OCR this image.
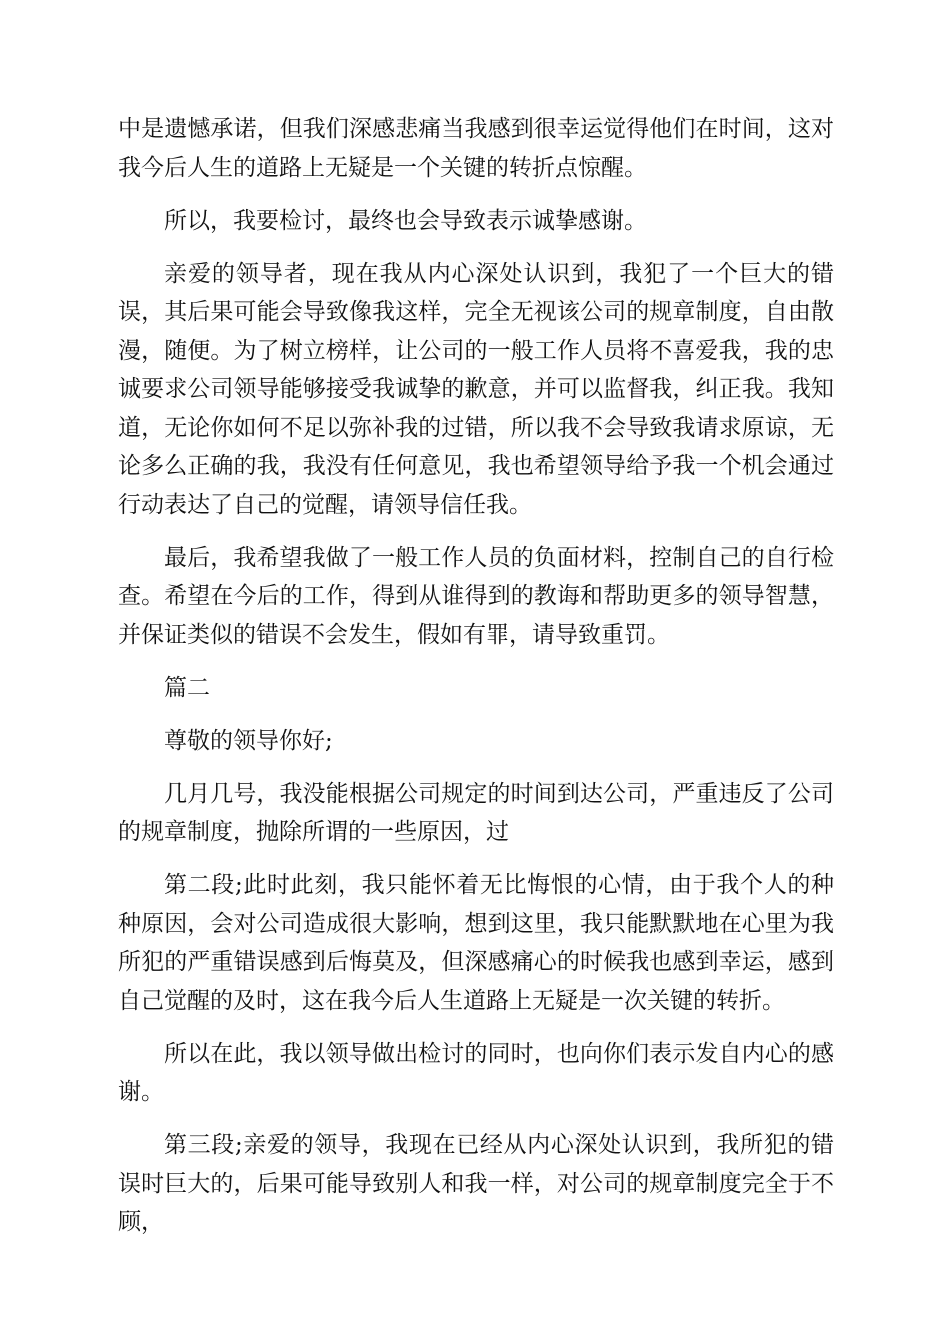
中是遗憾承诺，但我们深感悲痛当我感到很幸运觉得他们在时间，这对我今后人生的道路上无疑是一个关键的转折点惊醒。

所以，我要检讨，最终也会导致表示诚挚感谢。

亲爱的领导者，现在我从内心深处认识到，我犯了一个巨大的错误，其后果可能会导致像我这样，完全无视该公司的规章制度，自由散漫，随便。为了树立榜样，让公司的一般工作人员将不喜爱我，我的忠诚要求公司领导能够接受我诚挚的歉意，并可以监督我，纠正我。我知道，无论你如何不足以弥补我的过错，所以我不会导致我请求原谅，无论多么正确的我，我没有任何意见，我也希望领导给予我一个机会通过行动表达了自己的觉醒，请领导信任我。

最后，我希望我做了一般工作人员的负面材料，控制自己的自行检查。希望在今后的工作，得到从谁得到的教诲和帮助更多的领导智慧，并保证类似的错误不会发生，假如有罪，请导致重罚。

篇二

尊敬的领导你好;

几月几号，我没能根据公司规定的时间到达公司，严重违反了公司的规章制度，抛除所谓的一些原因，过

第二段;此时此刻，我只能怀着无比悔恨的心情，由于我个人的种种原因，会对公司造成很大影响，想到这里，我只能默默地在心里为我所犯的严重错误感到后悔莫及，但深感痛心的时候我也感到幸运，感到自己觉醒的及时，这在我今后人生道路上无疑是一次关键的转折。

所以在此，我以领导做出检讨的同时，也向你们表示发自内心的感谢。

第三段;亲爱的领导，我现在已经从内心深处认识到，我所犯的错误时巨大的，后果可能导致别人和我一样，对公司的规章制度完全于不顾，
